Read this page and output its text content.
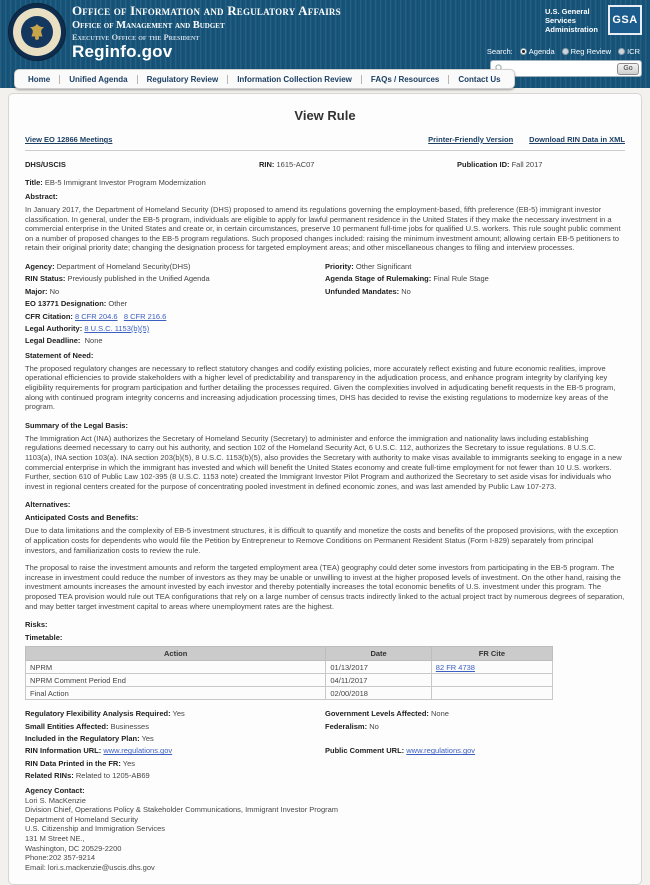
Office of Information and Regulatory Affairs
Office of Management and Budget
Executive Office of the President
Reginfo.gov
U.S. General Services Administration
GSA
Search:	Agenda	Reg Review	ICR
Go
Home	Unified Agenda	Regulatory Review	Information Collection Review	FAQs / Resources	Contact Us
View Rule
View EO 12866 Meetings	Printer-Friendly Version Download RIN Data in XML
DHS/USCIS	RIN: 1615-AC07	Publication ID: Fall 2017
Title: EB-5 Immigrant Investor Program Modernization
Abstract:

In January 2017, the Department of Homeland Security (DHS) proposed to amend its regulations governing the employment-based, fifth preference (EB-5) immigrant investor classification. In general, under the EB-5 program, individuals are eligible to apply for lawful permanent residence in the United States if they make the necessary investment in a commercial enterprise in the United States and create or, in certain circumstances, preserve 10 permanent full-time jobs for qualified U.S. workers. This rule sought public comment on a number of proposed changes to the EB-5 program regulations. Such proposed changes included: raising the minimum investment amount; allowing certain EB-5 petitioners to retain their original priority date; changing the designation process for targeted employment areas; and other miscellaneous changes to filing and interview processes.

Agency: Department of Homeland Security(DHS)
RIN Status: Previously published in the Unified Agenda
Major: No
EO 13771 Designation: Other
CFR Citation: 8 CFR 204.6 8 CFR 216.6
Legal Authority: 8 U.S.C. 1153(b)(5)
Legal Deadline: None
Priority: Other Significant
Agenda Stage of Rulemaking: Final Rule Stage
Unfunded Mandates: No
Statement of Need:

The proposed regulatory changes are necessary to reflect statutory changes and codify existing policies, more accurately reflect existing and future economic realities, improve operational efficiencies to provide stakeholders with a higher level of predictability and transparency in the adjudication process, and enhance program integrity by clarifying key eligibility requirements for program participation and further detailing the processes required. Given the complexities involved in adjudicating benefit requests in the EB-5 program, along with continued program integrity concerns and increasing adjudication processing times, DHS has decided to revise the existing regulations to modernize key areas of the program.

Summary of the Legal Basis:

The Immigration Act (INA) authorizes the Secretary of Homeland Security (Secretary) to administer and enforce the immigration and nationality laws including establishing regulations deemed necessary to carry out his authority, and section 102 of the Homeland Security Act, 6 U.S.C. 112, authorizes the Secretary to issue regulations. 8 U.S.C. 1103(a), INA section 103(a). INA section 203(b)(5), 8 U.S.C. 1153(b)(5), also provides the Secretary with authority to make visas available to immigrants seeking to engage in a new commercial enterprise in which the immigrant has invested and which will benefit the United States economy and create full-time employment for not fewer than 10 U.S. workers. Further, section 610 of Public Law 102-395 (8 U.S.C. 1153 note) created the Immigrant Investor Pilot Program and authorized the Secretary to set aside visas for individuals who invest in regional centers created for the purpose of concentrating pooled investment in defined economic zones, and was last amended by Public Law 107-273.

Alternatives:
Anticipated Costs and Benefits:

Due to data limitations and the complexity of EB-5 investment structures, it is difficult to quantify and monetize the costs and benefits of the proposed provisions, with the exception of application costs for dependents who would file the Petition by Entrepreneur to Remove Conditions on Permanent Resident Status (Form I-829) separately from principal investors, and familiarization costs to review the rule.

The proposal to raise the investment amounts and reform the targeted employment area (TEA) geography could deter some investors from participating in the EB-5 program. The increase in investment could reduce the number of investors as they may be unable or unwilling to invest at the higher proposed levels of investment. On the other hand, raising the investment amounts increases the amount invested by each investor and thereby potentially increases the total economic benefits of U.S. investment under this program. The proposed TEA provision would rule out TEA configurations that rely on a large number of census tracts indirectly linked to the actual project tract by numerous degrees of separation, and may better target investment capital to areas where unemployment rates are the highest.

Risks:
Timetable:
Action	Date	FR Cite
NPRM	01/13/2017	82 FR 4738
NPRM Comment Period End	04/11/2017	
Final Action	02/00/2018	
Regulatory Flexibility Analysis Required: Yes
Small Entities Affected: Businesses
Included in the Regulatory Plan: Yes
RIN Information URL: www.regulations.gov
RIN Data Printed in the FR: Yes
Related RINs: Related to 1205-AB69
Government Levels Affected: None
Federalism: No

Public Comment URL: www.regulations.gov
Agency Contact:
Lori S. MacKenzie
Division Chief, Operations Policy & Stakeholder Communications, Immigrant Investor Program
Department of Homeland Security
U.S. Citizenship and Immigration Services
131 M Street NE.,
Washington, DC 20529-2200
Phone:202 357-9214
Email: lori.s.mackenzie@uscis.dhs.gov
